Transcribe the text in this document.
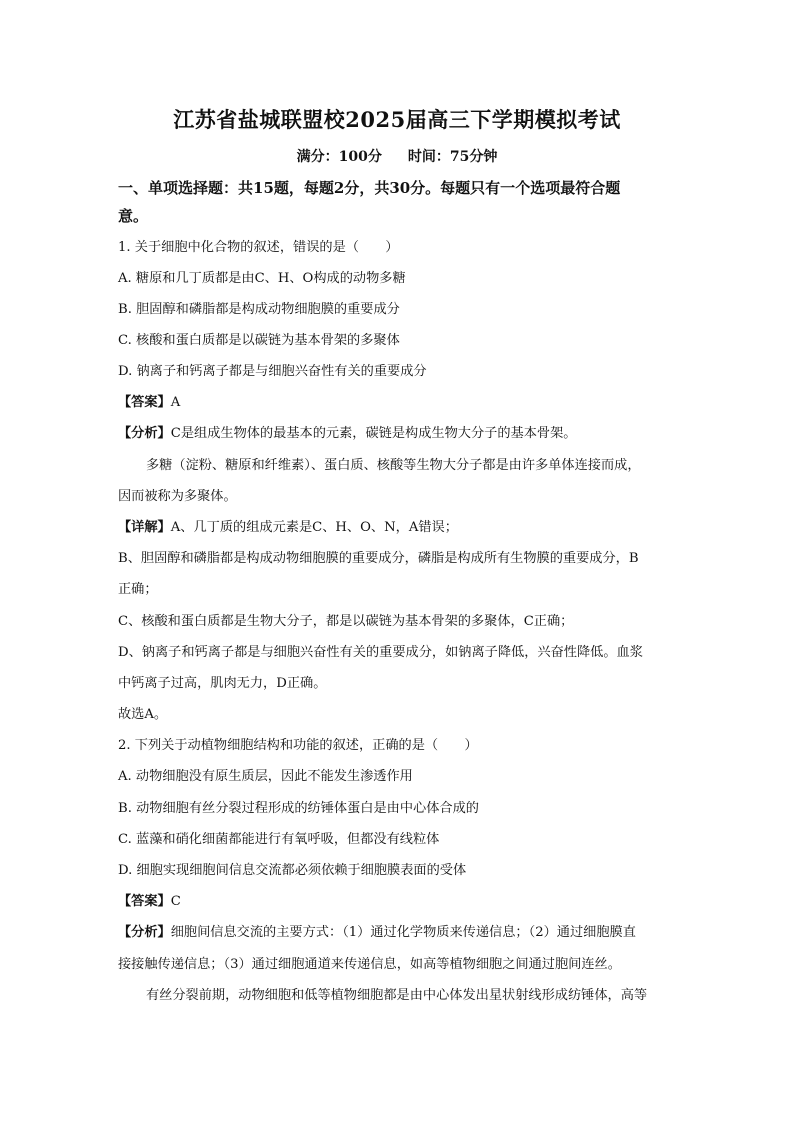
江苏省盐城联盟校2025届高三下学期模拟考试
满分：100分 时间：75分钟
一、单项选择题：共15题，每题2分，共30分。每题只有一个选项最符合题
意。
1. 关于细胞中化合物的叙述，错误的是（　　）
A. 糖原和几丁质都是由C、H、O构成的动物多糖
B. 胆固醇和磷脂都是构成动物细胞膜的重要成分
C. 核酸和蛋白质都是以碳链为基本骨架的多聚体
D. 钠离子和钙离子都是与细胞兴奋性有关的重要成分
【答案】A
【分析】C是组成生物体的最基本的元素，碳链是构成生物大分子的基本骨架。
多糖（淀粉、糖原和纤维素）、蛋白质、核酸等生物大分子都是由许多单体连接而成，
因而被称为多聚体。
【详解】A、几丁质的组成元素是C、H、O、N，A错误；
B、胆固醇和磷脂都是构成动物细胞膜的重要成分，磷脂是构成所有生物膜的重要成分，B
正确；
C、核酸和蛋白质都是生物大分子，都是以碳链为基本骨架的多聚体，C正确；
D、钠离子和钙离子都是与细胞兴奋性有关的重要成分，如钠离子降低，兴奋性降低。血浆
中钙离子过高，肌肉无力，D正确。
故选A。
2. 下列关于动植物细胞结构和功能的叙述，正确的是（　　）
A. 动物细胞没有原生质层，因此不能发生渗透作用
B. 动物细胞有丝分裂过程形成的纺锤体蛋白是由中心体合成的
C. 蓝藻和硝化细菌都能进行有氧呼吸，但都没有线粒体
D. 细胞实现细胞间信息交流都必须依赖于细胞膜表面的受体
【答案】C
【分析】细胞间信息交流的主要方式：（1）通过化学物质来传递信息；（2）通过细胞膜直
接接触传递信息；（3）通过细胞通道来传递信息，如高等植物细胞之间通过胞间连丝。
有丝分裂前期，动物细胞和低等植物细胞都是由中心体发出星状射线形成纺锤体，高等
